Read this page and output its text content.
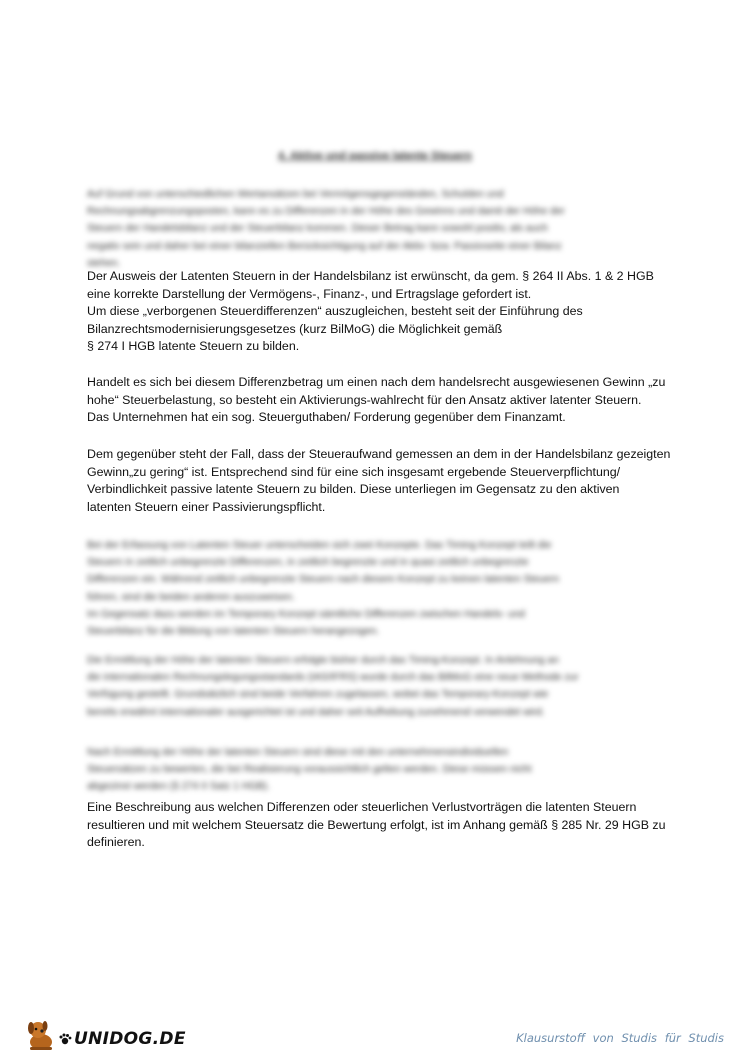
4. Aktive und passive latente Steuern

Auf Grund von unterschiedlichen Wertansätzen bei Vermögensgegenständen, Schulden und
Rechnungsabgrenzungsposten, kann es zu Differenzen in der Höhe des Gewinns und damit der Höhe der
Steuern der Handelsbilanz und der Steuerbilanz kommen. Dieser Betrag kann sowohl positiv, als auch
negativ sein und daher bei einer bilanziellen Berücksichtigung auf der Aktiv- bzw. Passivseite einer Bilanz
stehen.

Der Ausweis der Latenten Steuern in der Handelsbilanz ist erwünscht, da gem. § 264 II Abs. 1 & 2 HGB
eine korrekte Darstellung der Vermögens-, Finanz-, und Ertragslage gefordert ist.
Um diese „verborgenen Steuerdifferenzen“ auszugleichen, besteht seit der Einführung des
Bilanzrechtsmodernisierungsgesetzes (kurz BilMoG) die Möglichkeit gemäß
§ 274 I HGB latente Steuern zu bilden.

Handelt es sich bei diesem Differenzbetrag um einen nach dem handelsrecht ausgewiesenen Gewinn „zu
hohe“ Steuerbelastung, so besteht ein Aktivierungs-wahlrecht für den Ansatz aktiver latenter Steuern.
Das Unternehmen hat ein sog. Steuerguthaben/ Forderung gegenüber dem Finanzamt.

Dem gegenüber steht der Fall, dass der Steueraufwand gemessen an dem in der Handelsbilanz gezeigten
Gewinn„zu gering“ ist. Entsprechend sind für eine sich insgesamt ergebende Steuerverpflichtung/
Verbindlichkeit passive latente Steuern zu bilden. Diese unterliegen im Gegensatz zu den aktiven
latenten Steuern einer Passivierungspflicht.

Bei der Erfassung von Latenten Steuer unterscheiden sich zwei Konzepte. Das Timing Konzept teilt die
Steuern in zeitlich unbegrenzte Differenzen, in zeitlich begrenzte und in quasi zeitlich unbegrenzte
Differenzen ein. Während zeitlich unbegrenzte Steuern nach diesem Konzept zu keinen latenten Steuern
führen, sind die beiden anderen auszuweisen.
Im Gegensatz dazu werden im Temporary Konzept sämtliche Differenzen zwischen Handels- und
Steuerbilanz für die Bildung von latenten Steuern herangezogen.

Die Ermittlung der Höhe der latenten Steuern erfolgte bisher durch das Timing-Konzept. In Anlehnung an
die internationalen Rechnungslegungsstandards (IAS/IFRS) wurde durch das BilMoG eine neue Methode zur
Verfügung gestellt. Grundsätzlich sind beide Verfahren zugelassen, wobei das Temporary-Konzept wie
bereits erwähnt internationaler ausgerichtet ist und daher seit Aufhebung zunehmend verwendet wird.

Nach Ermittlung der Höhe der latenten Steuern sind diese mit den unternehmensindividuellen
Steuersätzen zu bewerten, die bei Realisierung voraussichtlich gelten werden. Diese müssen nicht
abgezinst werden (§ 274 II Satz 1 HGB).

Eine Beschreibung aus welchen Differenzen oder steuerlichen Verlustvorträgen die latenten Steuern
resultieren und mit welchem Steuersatz die Bewertung erfolgt, ist im Anhang gemäß § 285 Nr. 29 HGB zu
definieren.

UNIDOG.DE	Klausurstoff von Studis für Studis
